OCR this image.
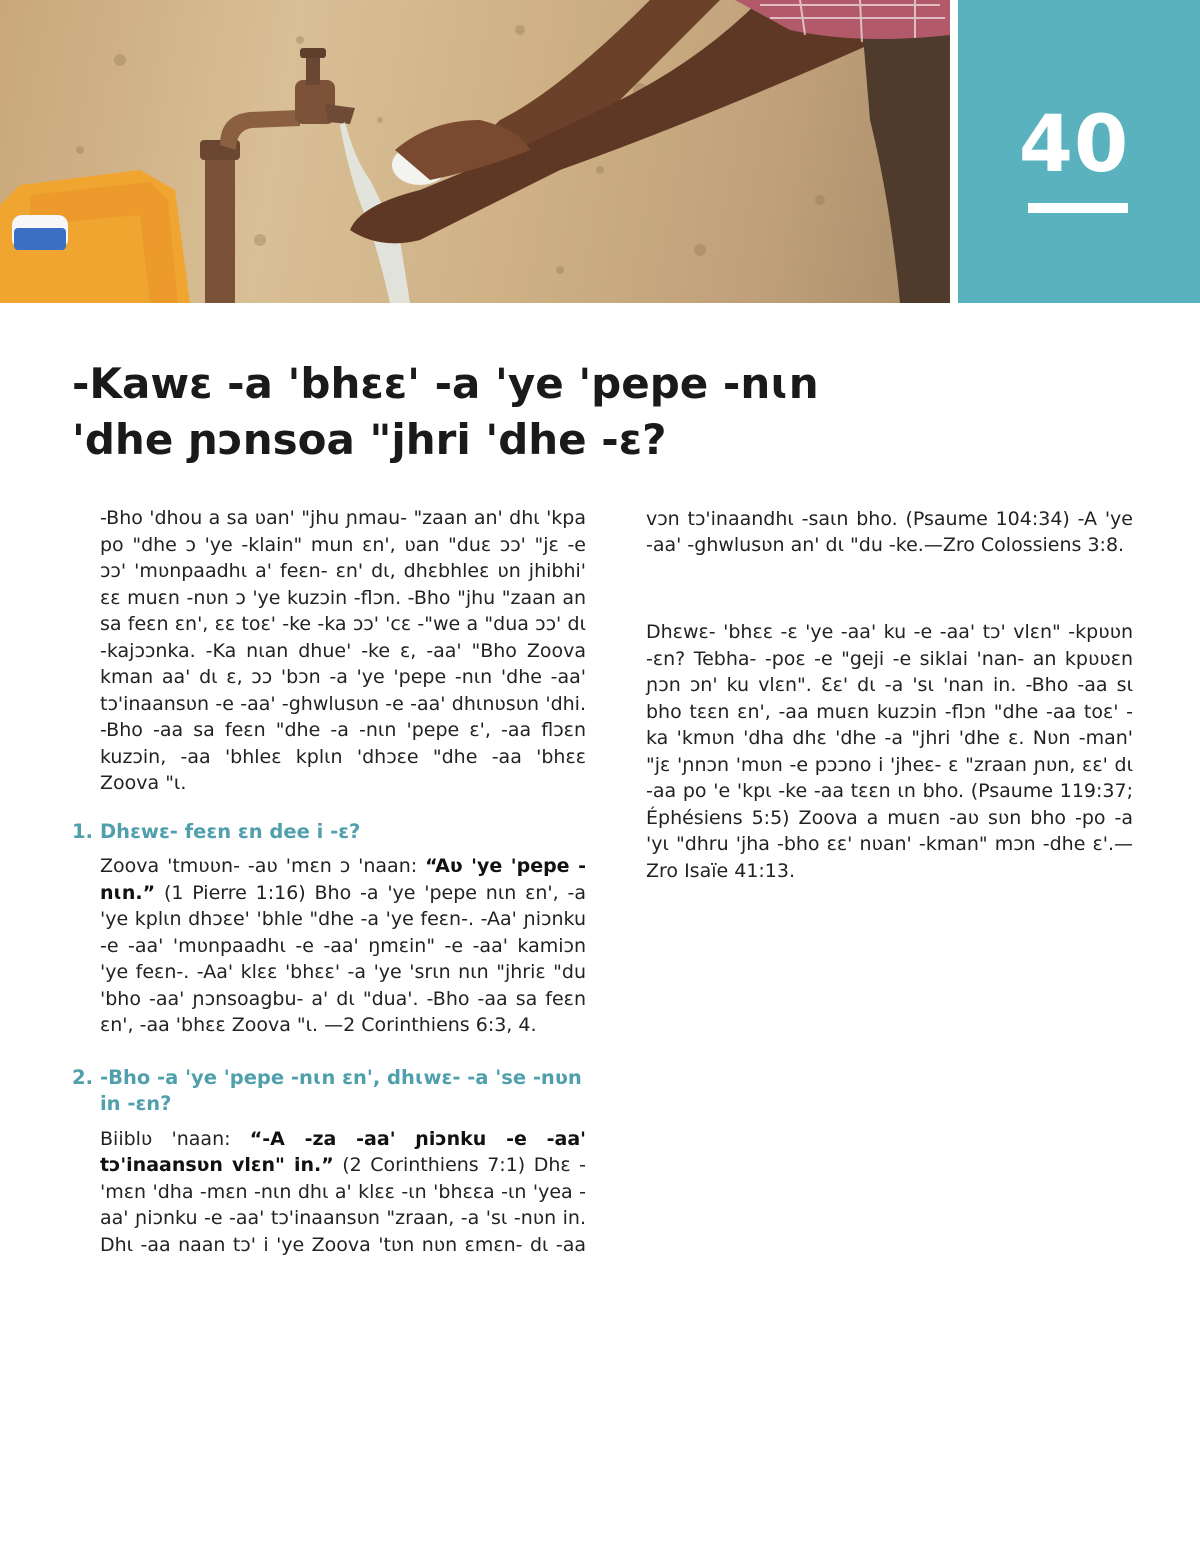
40
-Kawɛ -a 'bhɛɛ' -a 'ye 'pepe -nɩn 'dhe ɲɔnsoa "jhri 'dhe -ɛ?

-Bho 'dhou a sa ʋan' "jhu ɲmau- "zaan an' dhɩ 'kpa po "dhe ɔ 'ye -klain" mun ɛn', ʋan "duɛ ɔɔ' "jɛ -e ɔɔ' 'mʋnpaadhɩ a' feɛn- ɛn' dɩ, dhɛbhleɛ ʋn jhibhi' ɛɛ muɛn -nʋn ɔ 'ye kuzɔin -flɔn. -Bho "jhu "zaan an sa feɛn ɛn', ɛɛ toɛ' -ke -ka ɔɔ' 'cɛ -"we a "dua ɔɔ' dɩ -kajɔɔnka. -Ka nɩan dhue' -ke ɛ, -aa' "Bho Zoova kman aa' dɩ ɛ, ɔɔ 'bɔn -a 'ye 'pepe -nɩn 'dhe -aa' tɔ'inaansʋn -e -aa' -ghwlusʋn -e -aa' dhɩnʋsʋn 'dhi. -Bho -aa sa feɛn "dhe -a -nɩn 'pepe ɛ', -aa flɔɛn kuzɔin, -aa 'bhleɛ kplɩn 'dhɔɛe "dhe -aa 'bhɛɛ Zoova "ɩ.

1. Dhɛwɛ- feɛn ɛn dee i -ɛ?

Zoova 'tmʋʋn- -aʋ 'mɛn ɔ 'naan: “Aʋ 'ye 'pepe -nɩn.” (1 Pierre 1:16) Bho -a 'ye 'pepe nɩn ɛn', -a 'ye kplɩn dhɔɛe' 'bhle "dhe -a 'ye feɛn-. -Aa' ɲiɔnku -e -aa' 'mʋnpaadhɩ -e -aa' ŋmɛin" -e -aa' kamiɔn 'ye feɛn-. -Aa' klɛɛ 'bhɛɛ' -a 'ye 'srɩn nɩn "jhriɛ "du 'bho -aa' ɲɔnsoagbu- a' dɩ "dua'. -Bho -aa sa feɛn ɛn', -aa 'bhɛɛ Zoova "ɩ. —2 Corinthiens 6:3, 4.

2. -Bho -a 'ye 'pepe -nɩn ɛn', dhɩwɛ- -a 'se -nʋn in -ɛn?

Biiblʋ 'naan: “-A -za -aa' ɲiɔnku -e -aa' tɔ'inaansʋn vlɛn" in.” (2 Corinthiens 7:1) Dhɛ -'mɛn 'dha -mɛn -nɩn dhɩ a' klɛɛ -ɩn 'bhɛɛa -ɩn 'yea -aa' ɲiɔnku -e -aa' tɔ'inaansʋn "zraan, -a 'sɩ -nʋn in. Dhɩ -aa naan tɔ' i 'ye Zoova 'tʋn nʋn ɛmɛn- dɩ -aa

vɔn tɔ'inaandhɩ -saɩn bho. (Psaume 104:34) -A 'ye -aa' -ghwlusʋn an' dɩ "du -ke.—Zro Colossiens 3:8.

Dhɛwɛ- 'bhɛɛ -ɛ 'ye -aa' ku -e -aa' tɔ' vlɛn" -kpʋʋn -ɛn? Tebha- -poɛ -e "geji -e siklai 'nan- an kpʋʋɛn ɲɔn ɔn' ku vlɛn". Ɛɛ' dɩ -a 'sɩ 'nan in. -Bho -aa sɩ bho tɛɛn ɛn', -aa muɛn kuzɔin -flɔn "dhe -aa toɛ' -ka 'kmʋn 'dha dhɛ 'dhe -a "jhri 'dhe ɛ. Nʋn -man' "jɛ 'ɲnɔn 'mʋn -e pɔɔno i 'jheɛ- ɛ "zraan ɲʋn, ɛɛ' dɩ -aa po 'e 'kpɩ -ke -aa tɛɛn ɩn bho. (Psaume 119:37; Éphésiens 5:5) Zoova a muɛn -aʋ sʋn bho -po -a 'yɩ "dhru 'jha -bho ɛɛ' nʋan' -kman" mɔn -dhe ɛ'.—Zro Isaïe 41:13.
